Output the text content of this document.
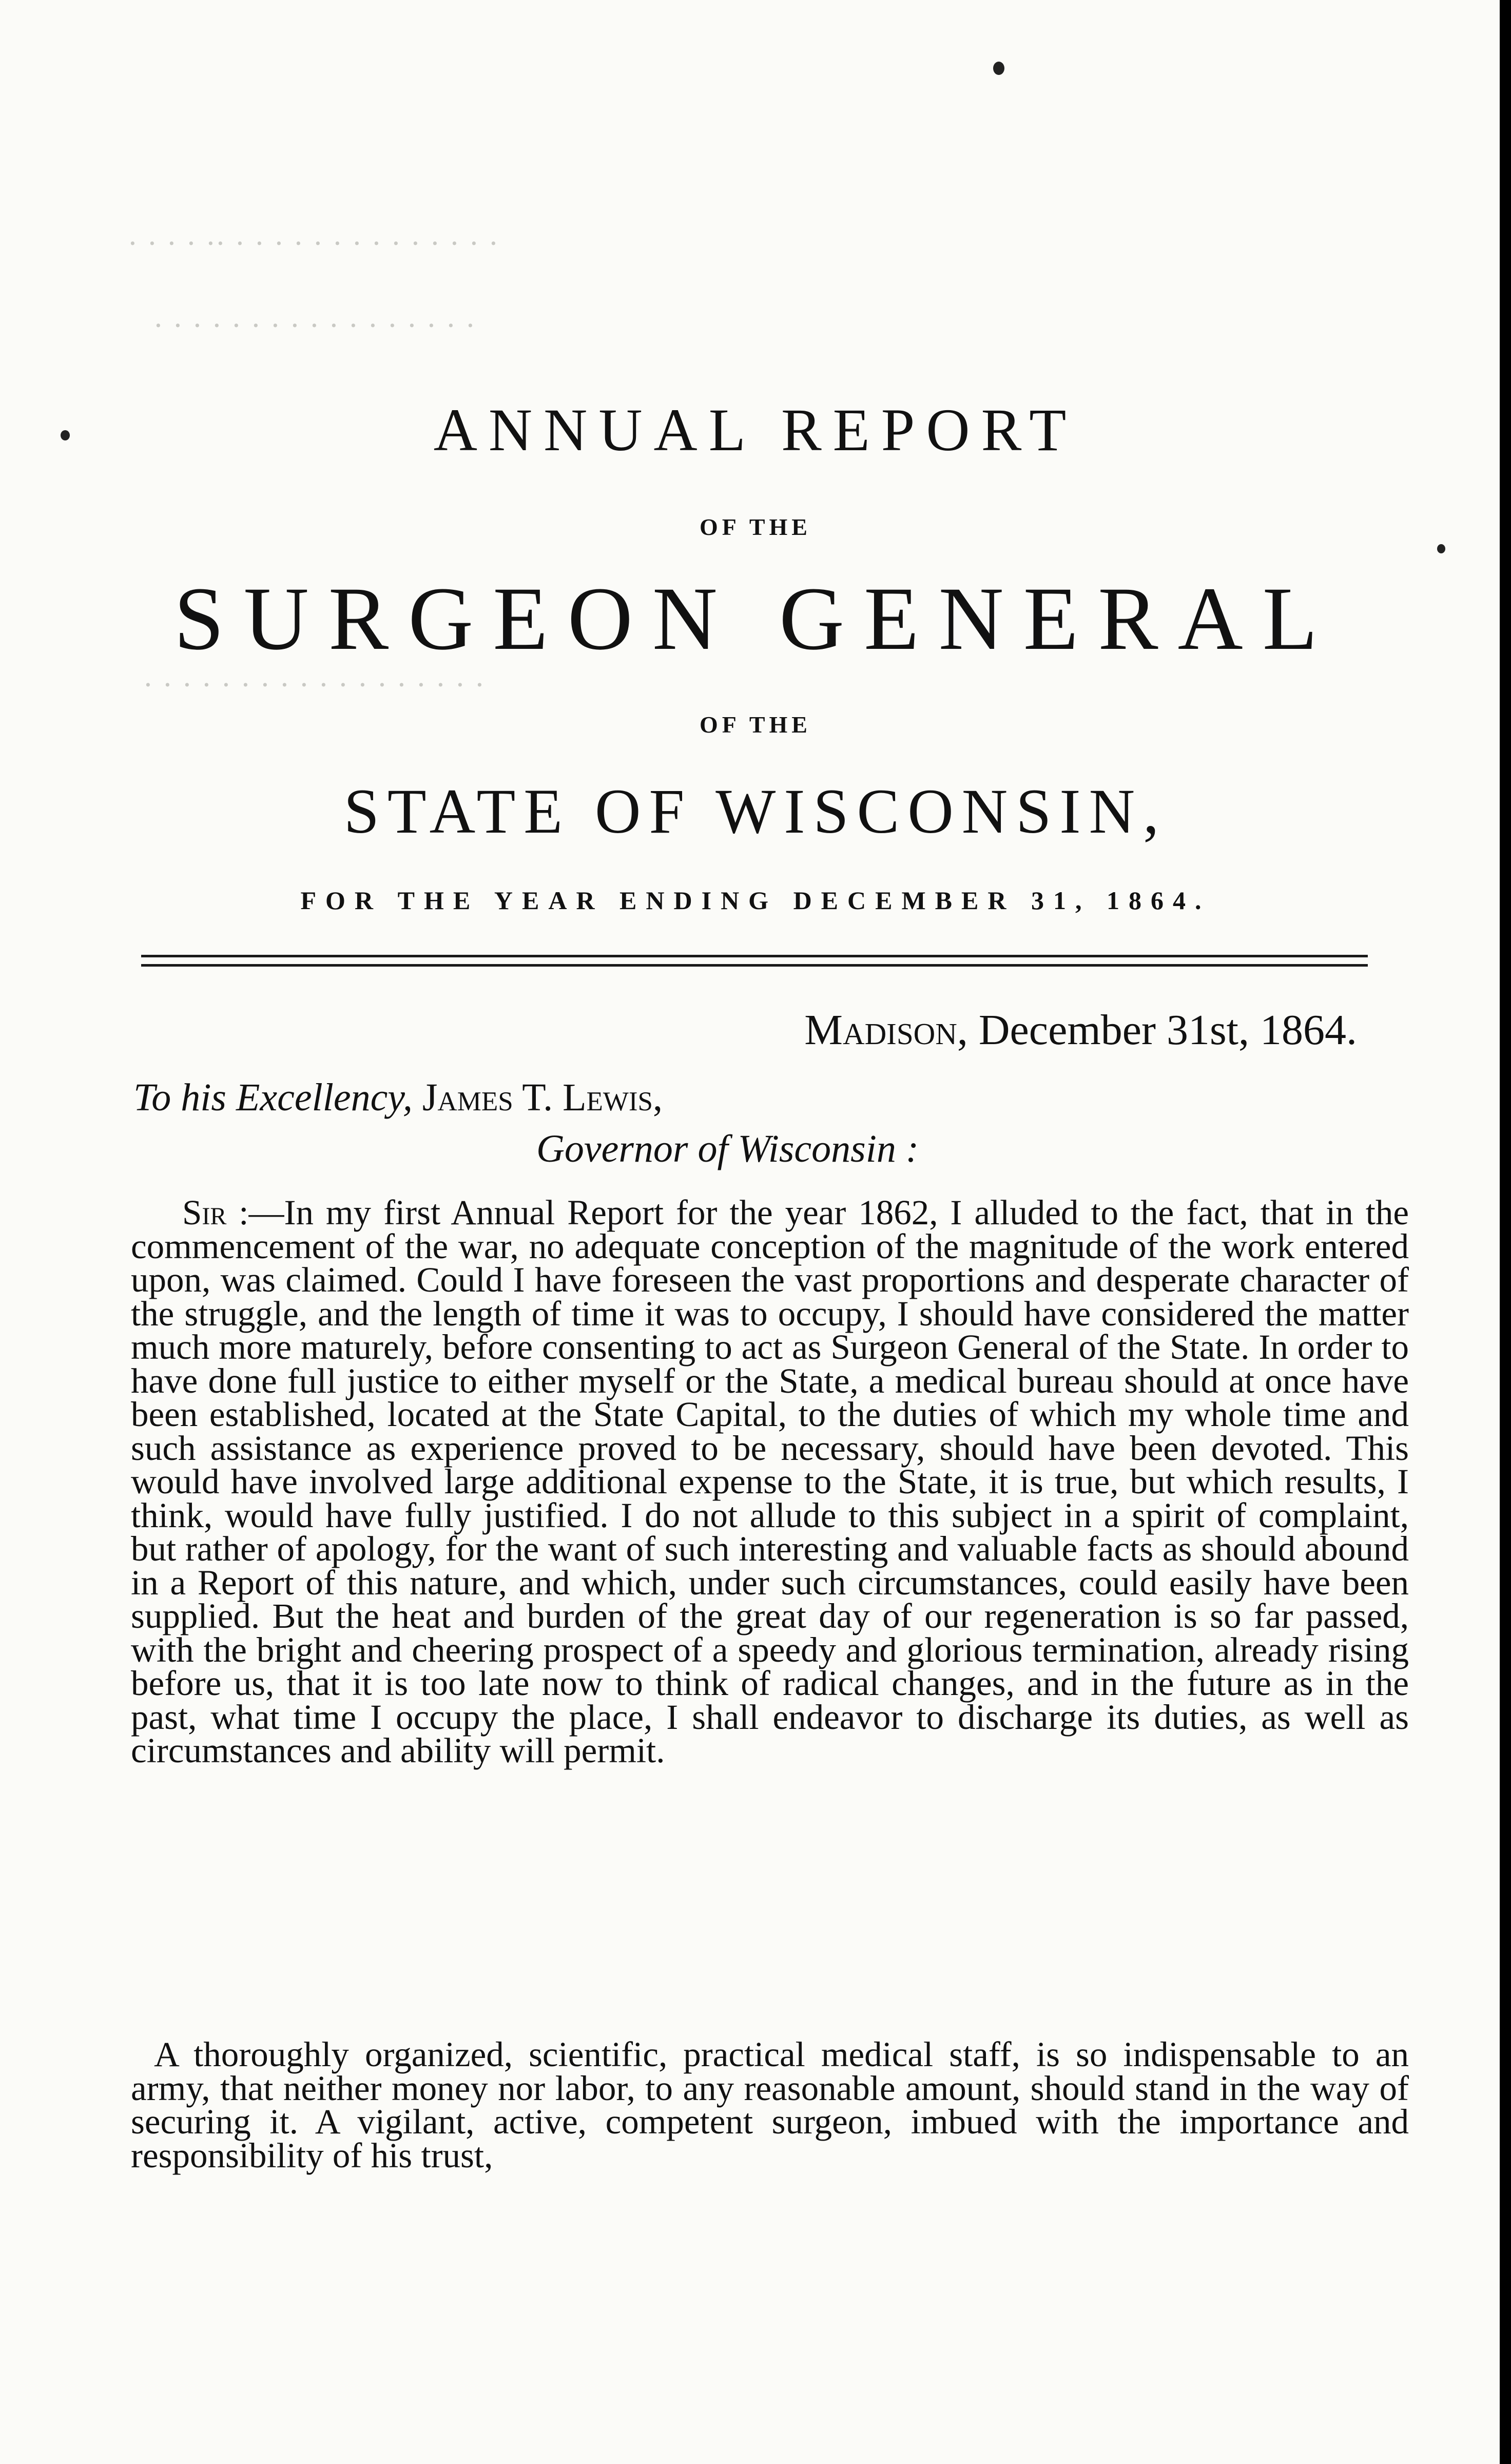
· · · · ·· · · · · · · · · · · · · · ·
· · · · · · · · · · · · · · · · ·
· · · · · · · · · · · · · · · · · ·
ANNUAL REPORT
OF THE
SURGEON GENERAL
OF THE
STATE OF WISCONSIN,
FOR THE YEAR ENDING DECEMBER 31, 1864.
Madison, December 31st, 1864.
To his Excellency, James T. Lewis,
Governor of Wisconsin :

Sir :—In my first Annual Report for the year 1862, I alluded to the fact, that in the commencement of the war, no adequate conception of the magnitude of the work entered upon, was claimed. Could I have foreseen the vast proportions and desperate character of the struggle, and the length of time it was to occupy, I should have considered the matter much more maturely, before consenting to act as Surgeon General of the State. In order to have done full justice to either myself or the State, a medical bureau should at once have been established, located at the State Capital, to the duties of which my whole time and such assistance as experience proved to be necessary, should have been devoted. This would have involved large additional expense to the State, it is true, but which results, I think, would have fully justified. I do not allude to this subject in a spirit of complaint, but rather of apology, for the want of such interesting and valuable facts as should abound in a Report of this nature, and which, under such circumstances, could easily have been supplied. But the heat and burden of the great day of our regeneration is so far passed, with the bright and cheering prospect of a speedy and glorious termination, already rising before us, that it is too late now to think of radical changes, and in the future as in the past, what time I occupy the place, I shall endeavor to discharge its duties, as well as circumstances and ability will permit.

A thoroughly organized, scientific, practical medical staff, is so indispensable to an army, that neither money nor labor, to any reasonable amount, should stand in the way of securing it. A vigilant, active, competent surgeon, imbued with the importance and responsibility of his trust,
